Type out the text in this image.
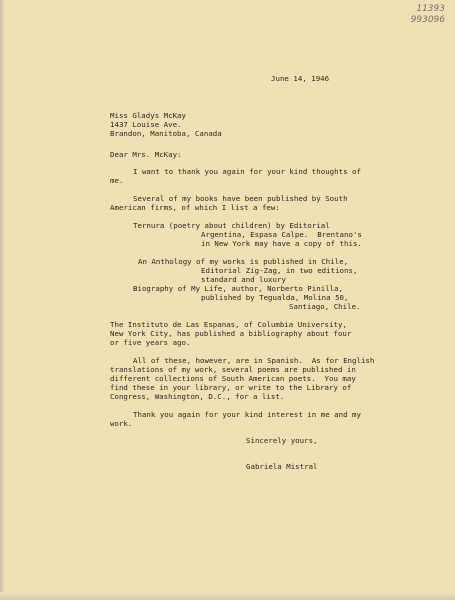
11393
993096
June 14, 1946
Miss Gladys McKay
1437 Louise Ave.
Brandon, Manitoba, Canada
Dear Mrs. McKay:
I want to thank you again for your kind thoughts of
me.
Several of my books have been published by South
American firms, of which I list a few:
Ternura (poetry about children) by Editorial
Argentina, Espasa Calpe.  Brentano's
in New York may have a copy of this.
An Anthology of my works is published in Chile,
Editorial Zig-Zag, in two editions,
standard and luxury
Biography of My Life, author, Norberto Pinilla,
published by Tegualda, Molina 50,
Santiago, Chile.
The Instituto de Las Espanas, of Columbia University,
New York City, has published a bibliography about four
or five years ago.
All of these, however, are in Spanish.  As for English
translations of my work, several poems are published in
different collections of South American poets.  You may
find these in your library, or write to the Library of
Congress, Washington, D.C., for a list.
Thank you again for your kind interest in me and my
work.
Sincerely yours,
Gabriela Mistral
